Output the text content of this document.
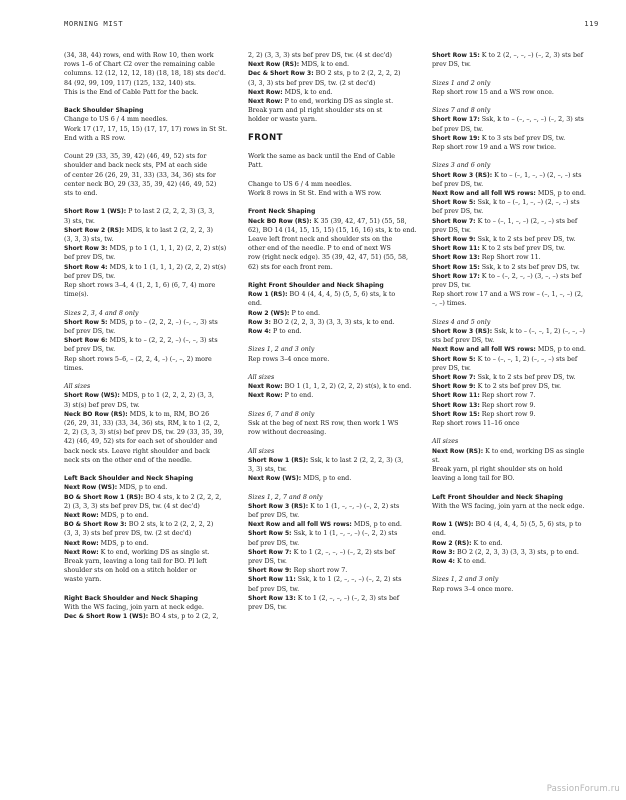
MORNING MIST	119
(34, 38, 44) rows, end with Row 10, then work
rows 1–6 of Chart C2 over the remaining cable
columns. 12 (12, 12, 12, 18) (18, 18, 18) sts dec'd.
84 (92, 99, 109, 117) (125, 132, 140) sts.
This is the End of Cable Patt for the back.
Back Shoulder Shaping
Change to US 6 / 4 mm needles.
Work 17 (17, 17, 15, 15) (17, 17, 17) rows in St St.
End with a RS row.
Count 29 (33, 35, 39, 42) (46, 49, 52) sts for
shoulder and back neck sts, PM at each side
of center 26 (26, 29, 31, 33) (33, 34, 36) sts for
center neck BO, 29 (33, 35, 39, 42) (46, 49, 52)
sts to end.
Short Row 1 (WS): P to last 2 (2, 2, 2, 3) (3, 3,
3) sts, tw.
Short Row 2 (RS): MDS, k to last 2 (2, 2, 2, 3)
(3, 3, 3) sts, tw.
Short Row 3: MDS, p to 1 (1, 1, 1, 2) (2, 2, 2) st(s)
bef prev DS, tw.
Short Row 4: MDS, k to 1 (1, 1, 1, 2) (2, 2, 2) st(s)
bef prev DS, tw.
Rep short rows 3–4, 4 (1, 2, 1, 6) (6, 7, 4) more
time(s).
Sizes 2, 3, 4 and 8 only
Short Row 5: MDS, p to – (2, 2, 2, –) (–, –, 3) sts
bef prev DS, tw.
Short Row 6: MDS, k to – (2, 2, 2, –) (–, –, 3) sts
bef prev DS, tw.
Rep short rows 5–6, – (2, 2, 4, –) (–, –, 2) more
times.
All sizes
Short Row (WS): MDS, p to 1 (2, 2, 2, 2) (3, 3,
3) st(s) bef prev DS, tw.
Neck BO Row (RS): MDS, k to m, RM, BO 26
(26, 29, 31, 33) (33, 34, 36) sts, RM, k to 1 (2, 2,
2, 2) (3, 3, 3) st(s) bef prev DS, tw. 29 (33, 35, 39,
42) (46, 49, 52) sts for each set of shoulder and
back neck sts. Leave right shoulder and back
neck sts on the other end of the needle.
Left Back Shoulder and Neck Shaping
Next Row (WS): MDS, p to end.
BO & Short Row 1 (RS): BO 4 sts, k to 2 (2, 2, 2,
2) (3, 3, 3) sts bef prev DS, tw. (4 st dec'd)
Next Row: MDS, p to end.
BO & Short Row 3: BO 2 sts, k to 2 (2, 2, 2, 2)
(3, 3, 3) sts bef prev DS, tw. (2 st dec'd)
Next Row: MDS, p to end.
Next Row: K to end, working DS as single st.
Break yarn, leaving a long tail for BO. Pl left
shoulder sts on hold on a stitch holder or
waste yarn.
Right Back Shoulder and Neck Shaping
With the WS facing, join yarn at neck edge.
Dec & Short Row 1 (WS): BO 4 sts, p to 2 (2, 2,
2, 2) (3, 3, 3) sts bef prev DS, tw. (4 st dec'd)
Next Row (RS): MDS, k to end.
Dec & Short Row 3: BO 2 sts, p to 2 (2, 2, 2, 2)
(3, 3, 3) sts bef prev DS, tw. (2 st dec'd)
Next Row: MDS, k to end.
Next Row: P to end, working DS as single st.
Break yarn and pl right shoulder sts on st
holder or waste yarn.
FRONT
Work the same as back until the End of Cable
Patt.
Change to US 6 / 4 mm needles.
Work 8 rows in St St. End with a WS row.
Front Neck Shaping
Neck BO Row (RS): K 35 (39, 42, 47, 51) (55, 58,
62), BO 14 (14, 15, 15, 15) (15, 16, 16) sts, k to end.
Leave left front neck and shoulder sts on the
other end of the needle. P to end of next WS
row (right neck edge). 35 (39, 42, 47, 51) (55, 58,
62) sts for each front rem.
Right Front Shoulder and Neck Shaping
Row 1 (RS): BO 4 (4, 4, 4, 5) (5, 5, 6) sts, k to
end.
Row 2 (WS): P to end.
Row 3: BO 2 (2, 2, 3, 3) (3, 3, 3) sts, k to end.
Row 4: P to end.
Sizes 1, 2 and 3 only
Rep rows 3–4 once more.
All sizes
Next Row: BO 1 (1, 1, 2, 2) (2, 2, 2) st(s), k to end.
Next Row: P to end.
Sizes 6, 7 and 8 only
Ssk at the beg of next RS row, then work 1 WS
row without decreasing.
All sizes
Short Row 1 (RS): Ssk, k to last 2 (2, 2, 2, 3) (3,
3, 3) sts, tw.
Next Row (WS): MDS, p to end.
Sizes 1, 2, 7 and 8 only
Short Row 3 (RS): K to 1 (1, –, –, –) (–, 2, 2) sts
bef prev DS, tw.
Next Row and all foll WS rows: MDS, p to end.
Short Row 5: Ssk, k to 1 (1, –, –, –) (–, 2, 2) sts
bef prev DS, tw.
Short Row 7: K to 1 (2, –, –, –) (–, 2, 2) sts bef
prev DS, tw.
Short Row 9: Rep short row 7.
Short Row 11: Ssk, k to 1 (2, –, –, –) (–, 2, 2) sts
bef prev DS, tw.
Short Row 13: K to 1 (2, –, –, –) (–, 2, 3) sts bef
prev DS, tw.
Short Row 15: K to 2 (2, –, –, –) (–, 2, 3) sts bef
prev DS, tw.
Sizes 1 and 2 only
Rep short row 15 and a WS row once.
Sizes 7 and 8 only
Short Row 17: Ssk, k to – (–, –, –, –) (–, 2, 3) sts
bef prev DS, tw.
Short Row 19: K to 3 sts bef prev DS, tw.
Rep short row 19 and a WS row twice.
Sizes 3 and 6 only
Short Row 3 (RS): K to – (–, 1, –, –) (2, –, –) sts
bef prev DS, tw.
Next Row and all foll WS rows: MDS, p to end.
Short Row 5: Ssk, k to – (–, 1, –, –) (2, –, –) sts
bef prev DS, tw.
Short Row 7: K to – (–, 1, –, –) (2, –, –) sts bef
prev DS, tw.
Short Row 9: Ssk, k to 2 sts bef prev DS, tw.
Short Row 11: K to 2 sts bef prev DS, tw.
Short Row 13: Rep Short row 11.
Short Row 15: Ssk, k to 2 sts bef prev DS, tw.
Short Row 17: K to – (–, 2, –, –) (3, –, –) sts bef
prev DS, tw.
Rep short row 17 and a WS row – (–, 1, –, –) (2,
–, –) times.
Sizes 4 and 5 only
Short Row 3 (RS): Ssk, k to – (–, –, 1, 2) (–, –, –)
sts bef prev DS, tw.
Next Row and all foll WS rows: MDS, p to end.
Short Row 5: K to – (–, –, 1, 2) (–, –, –) sts bef
prev DS, tw.
Short Row 7: Ssk, k to 2 sts bef prev DS, tw.
Short Row 9: K to 2 sts bef prev DS, tw.
Short Row 11: Rep short row 7.
Short Row 13: Rep short row 9.
Short Row 15: Rep short row 9.
Rep short rows 11–16 once
All sizes
Next Row (RS): K to end, working DS as single
st.
Break yarn, pl right shoulder sts on hold
leaving a long tail for BO.
Left Front Shoulder and Neck Shaping
With the WS facing, join yarn at the neck edge.
Row 1 (WS): BO 4 (4, 4, 4, 5) (5, 5, 6) sts, p to
end.
Row 2 (RS): K to end.
Row 3: BO 2 (2, 2, 3, 3) (3, 3, 3) sts, p to end.
Row 4: K to end.
Sizes 1, 2 and 3 only
Rep rows 3–4 once more.
PassionForum.ru
